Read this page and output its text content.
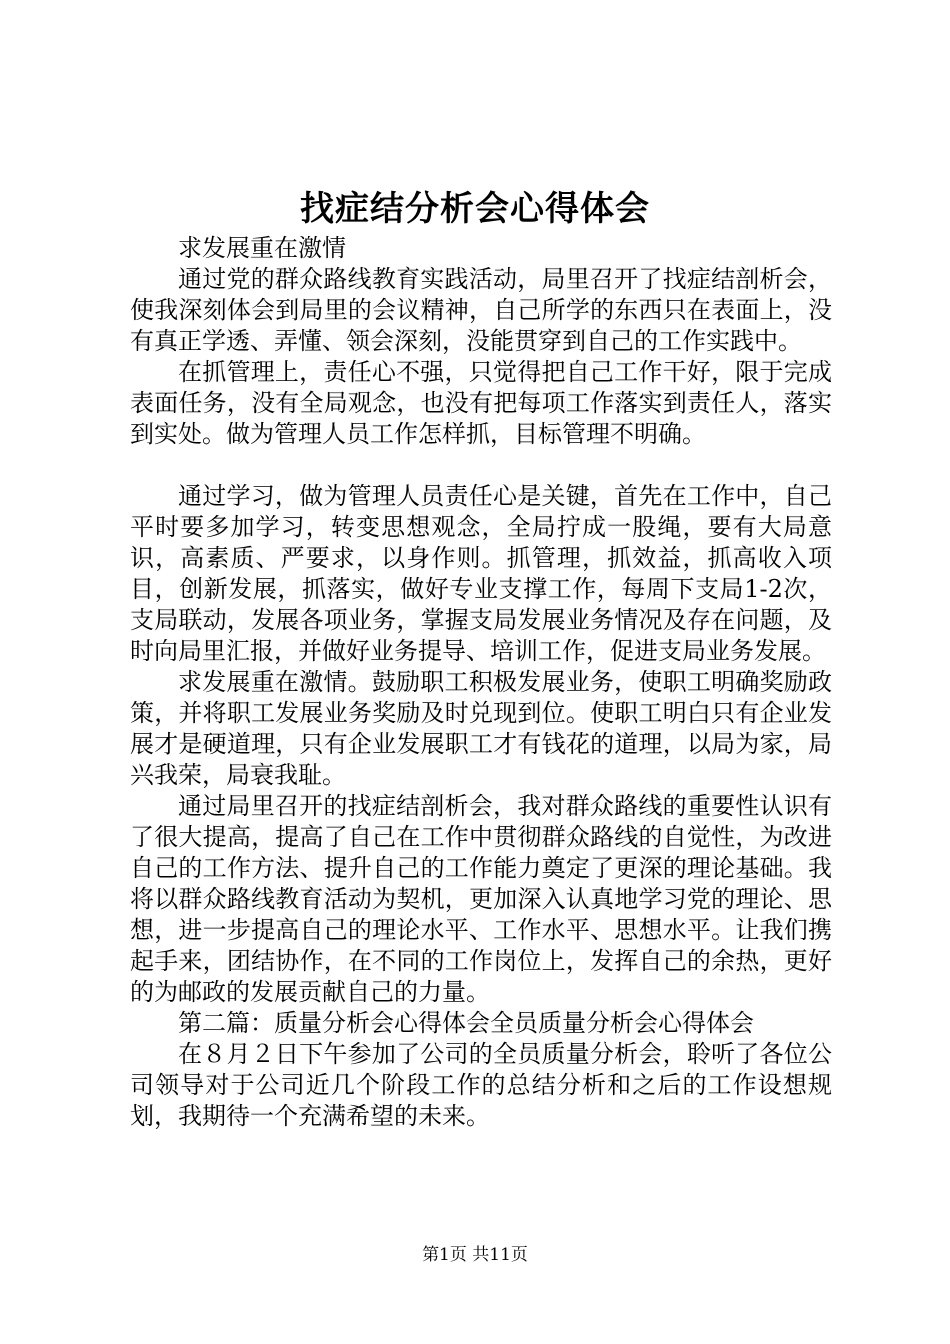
找症结分析会心得体会

求发展重在激情

通过党的群众路线教育实践活动，局里召开了找症结剖析会，使我深刻体会到局里的会议精神，自己所学的东西只在表面上，没有真正学透、弄懂、领会深刻，没能贯穿到自己的工作实践中。

在抓管理上，责任心不强，只觉得把自己工作干好，限于完成表面任务，没有全局观念，也没有把每项工作落实到责任人，落实到实处。做为管理人员工作怎样抓，目标管理不明确。

通过学习，做为管理人员责任心是关键，首先在工作中，自己平时要多加学习，转变思想观念，全局拧成一股绳，要有大局意识，高素质、严要求，以身作则。抓管理，抓效益，抓高收入项目，创新发展，抓落实，做好专业支撑工作，每周下支局1-2次，支局联动，发展各项业务，掌握支局发展业务情况及存在问题，及时向局里汇报，并做好业务提导、培训工作，促进支局业务发展。

求发展重在激情。鼓励职工积极发展业务，使职工明确奖励政策，并将职工发展业务奖励及时兑现到位。使职工明白只有企业发展才是硬道理，只有企业发展职工才有钱花的道理，以局为家，局兴我荣，局衰我耻。

通过局里召开的找症结剖析会，我对群众路线的重要性认识有了很大提高，提高了自己在工作中贯彻群众路线的自觉性，为改进自己的工作方法、提升自己的工作能力奠定了更深的理论基础。我将以群众路线教育活动为契机，更加深入认真地学习党的理论、思想，进一步提高自己的理论水平、工作水平、思想水平。让我们携起手来，团结协作，在不同的工作岗位上，发挥自己的余热，更好的为邮政的发展贡献自己的力量。

第二篇：质量分析会心得体会全员质量分析会心得体会

在８月２日下午参加了公司的全员质量分析会，聆听了各位公司领导对于公司近几个阶段工作的总结分析和之后的工作设想规划，我期待一个充满希望的未来。

第1页 共11页
